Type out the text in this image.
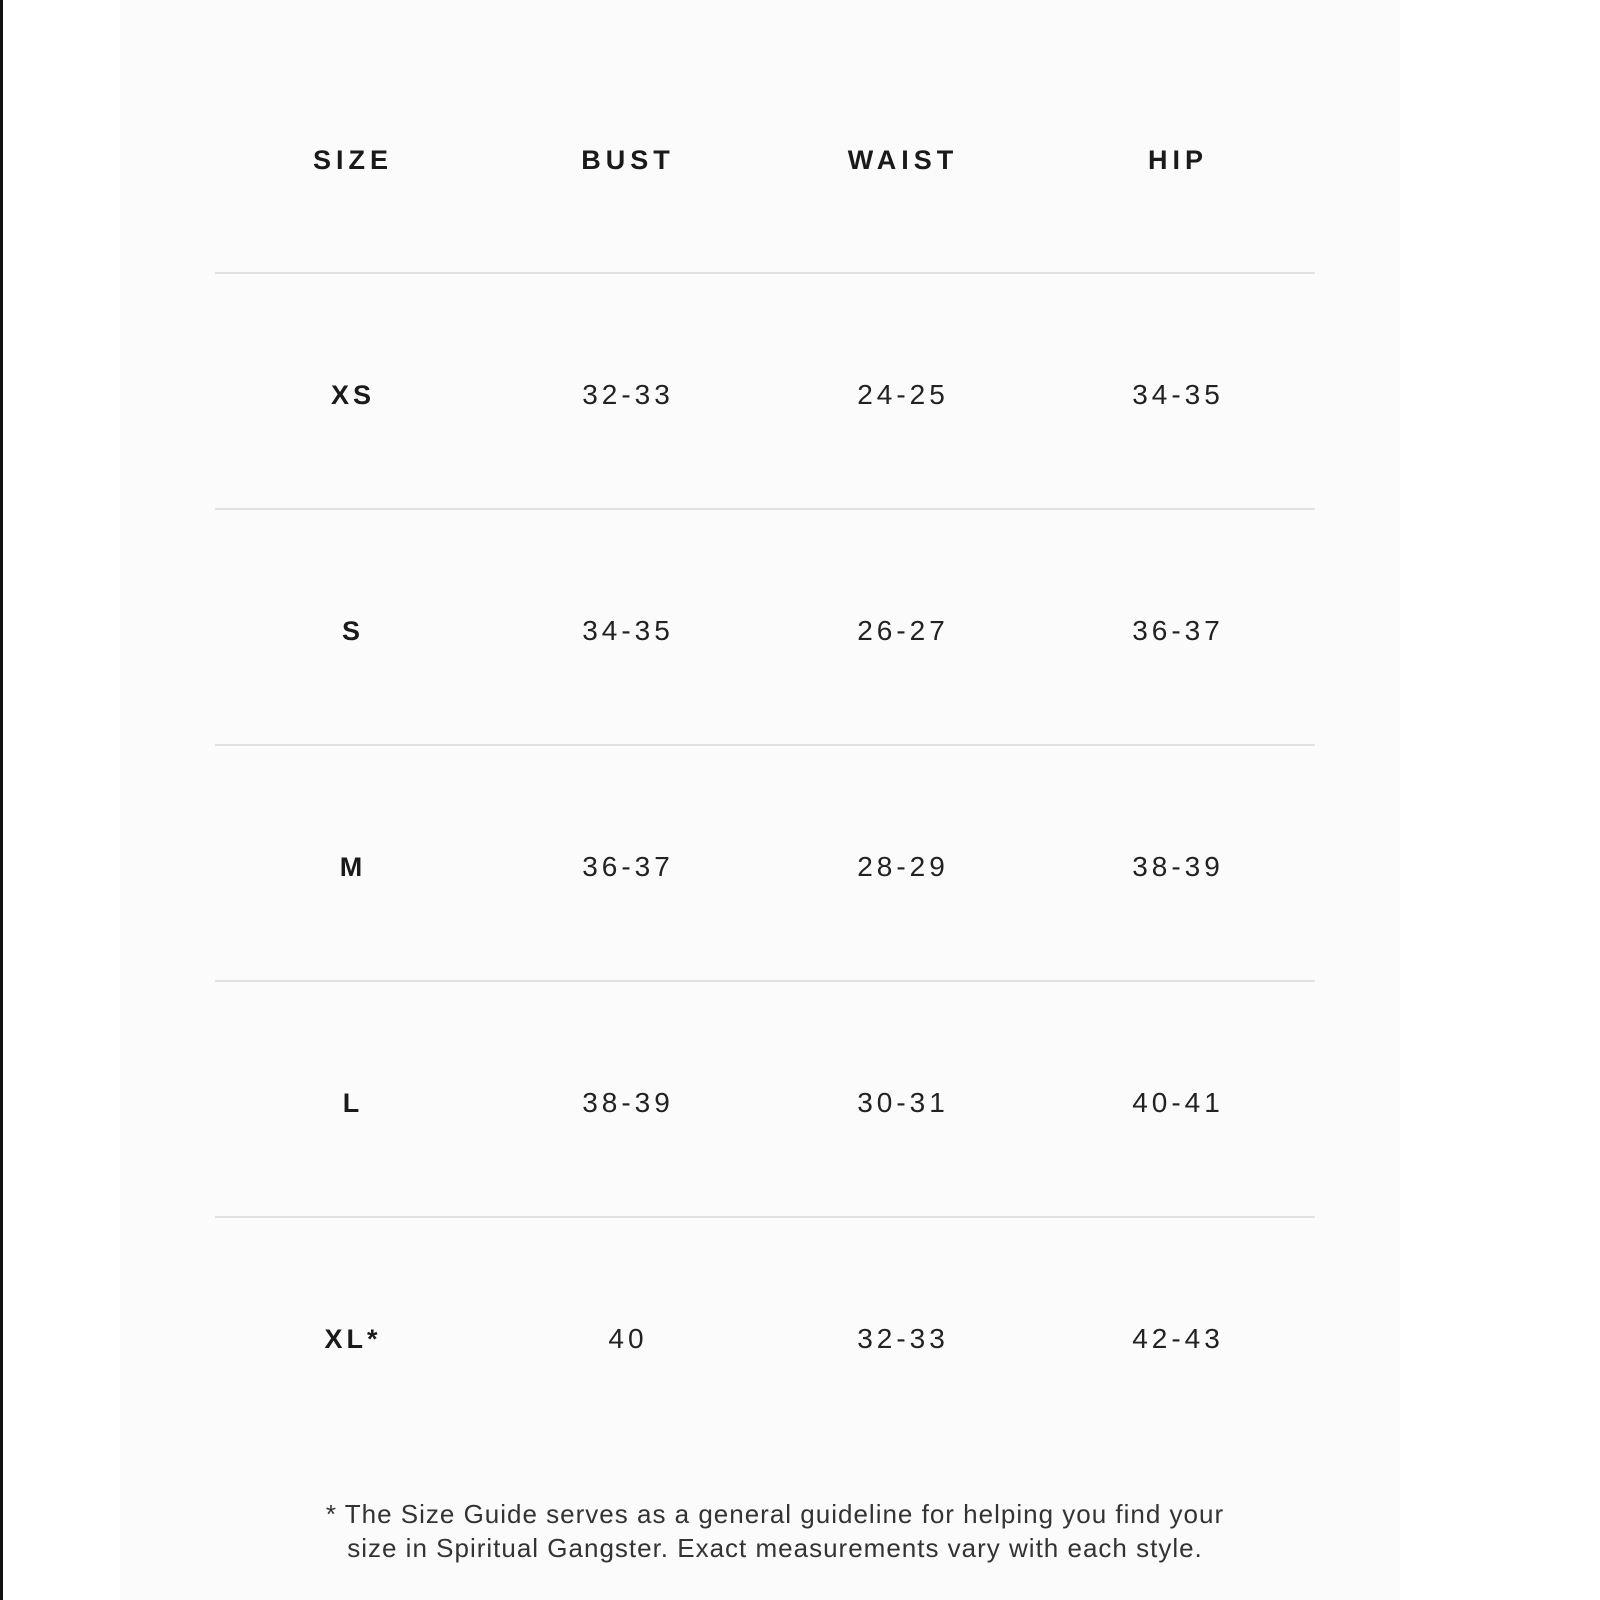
SIZE	BUST	WAIST	HIP
XS	32-33	24-25	34-35
S	34-35	26-27	36-37
M	36-37	28-29	38-39
L	38-39	30-31	40-41
XL*	40	32-33	42-43
* The Size Guide serves as a general guideline for helping you find your
size in Spiritual Gangster. Exact measurements vary with each style.
